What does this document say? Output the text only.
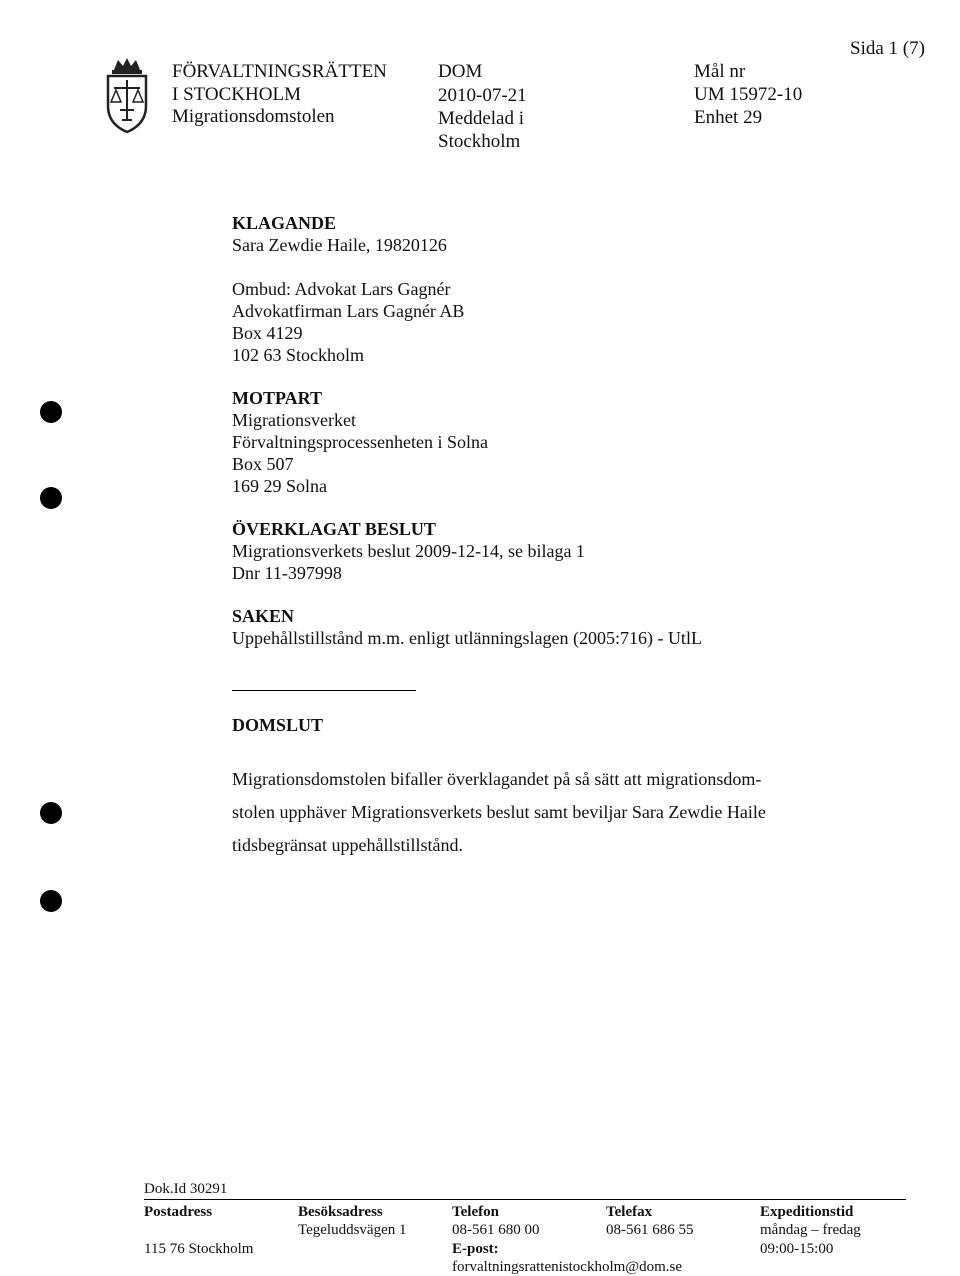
Sida 1 (7)
FÖRVALTNINGSRÄTTEN
I STOCKHOLM
Migrationsdomstolen
DOM
2010-07-21
Meddelad i
Stockholm
Mål nr
UM 15972-10
Enhet 29
KLAGANDE
Sara Zewdie Haile, 19820126
Ombud: Advokat Lars Gagnér
Advokatfirman Lars Gagnér AB
Box 4129
102 63 Stockholm
MOTPART
Migrationsverket
Förvaltningsprocessenheten i Solna
Box 507
169 29 Solna
ÖVERKLAGAT BESLUT
Migrationsverkets beslut 2009-12-14, se bilaga 1
Dnr 11-397998
SAKEN
Uppehållstillstånd m.m. enligt utlänningslagen (2005:716) - UtlL
DOMSLUT
Migrationsdomstolen bifaller överklagandet på så sätt att migrationsdom-
stolen upphäver Migrationsverkets beslut samt beviljar Sara Zewdie Haile
tidsbegränsat uppehållstillstånd.
Dok.Id 30291
Postadress
115 76 Stockholm
Besöksadress
Tegeluddsvägen 1
Telefon
08-561 680 00
E-post:
forvaltningsrattenistockholm@dom.se
Telefax
08-561 686 55
Expeditionstid
måndag – fredag
09:00-15:00
